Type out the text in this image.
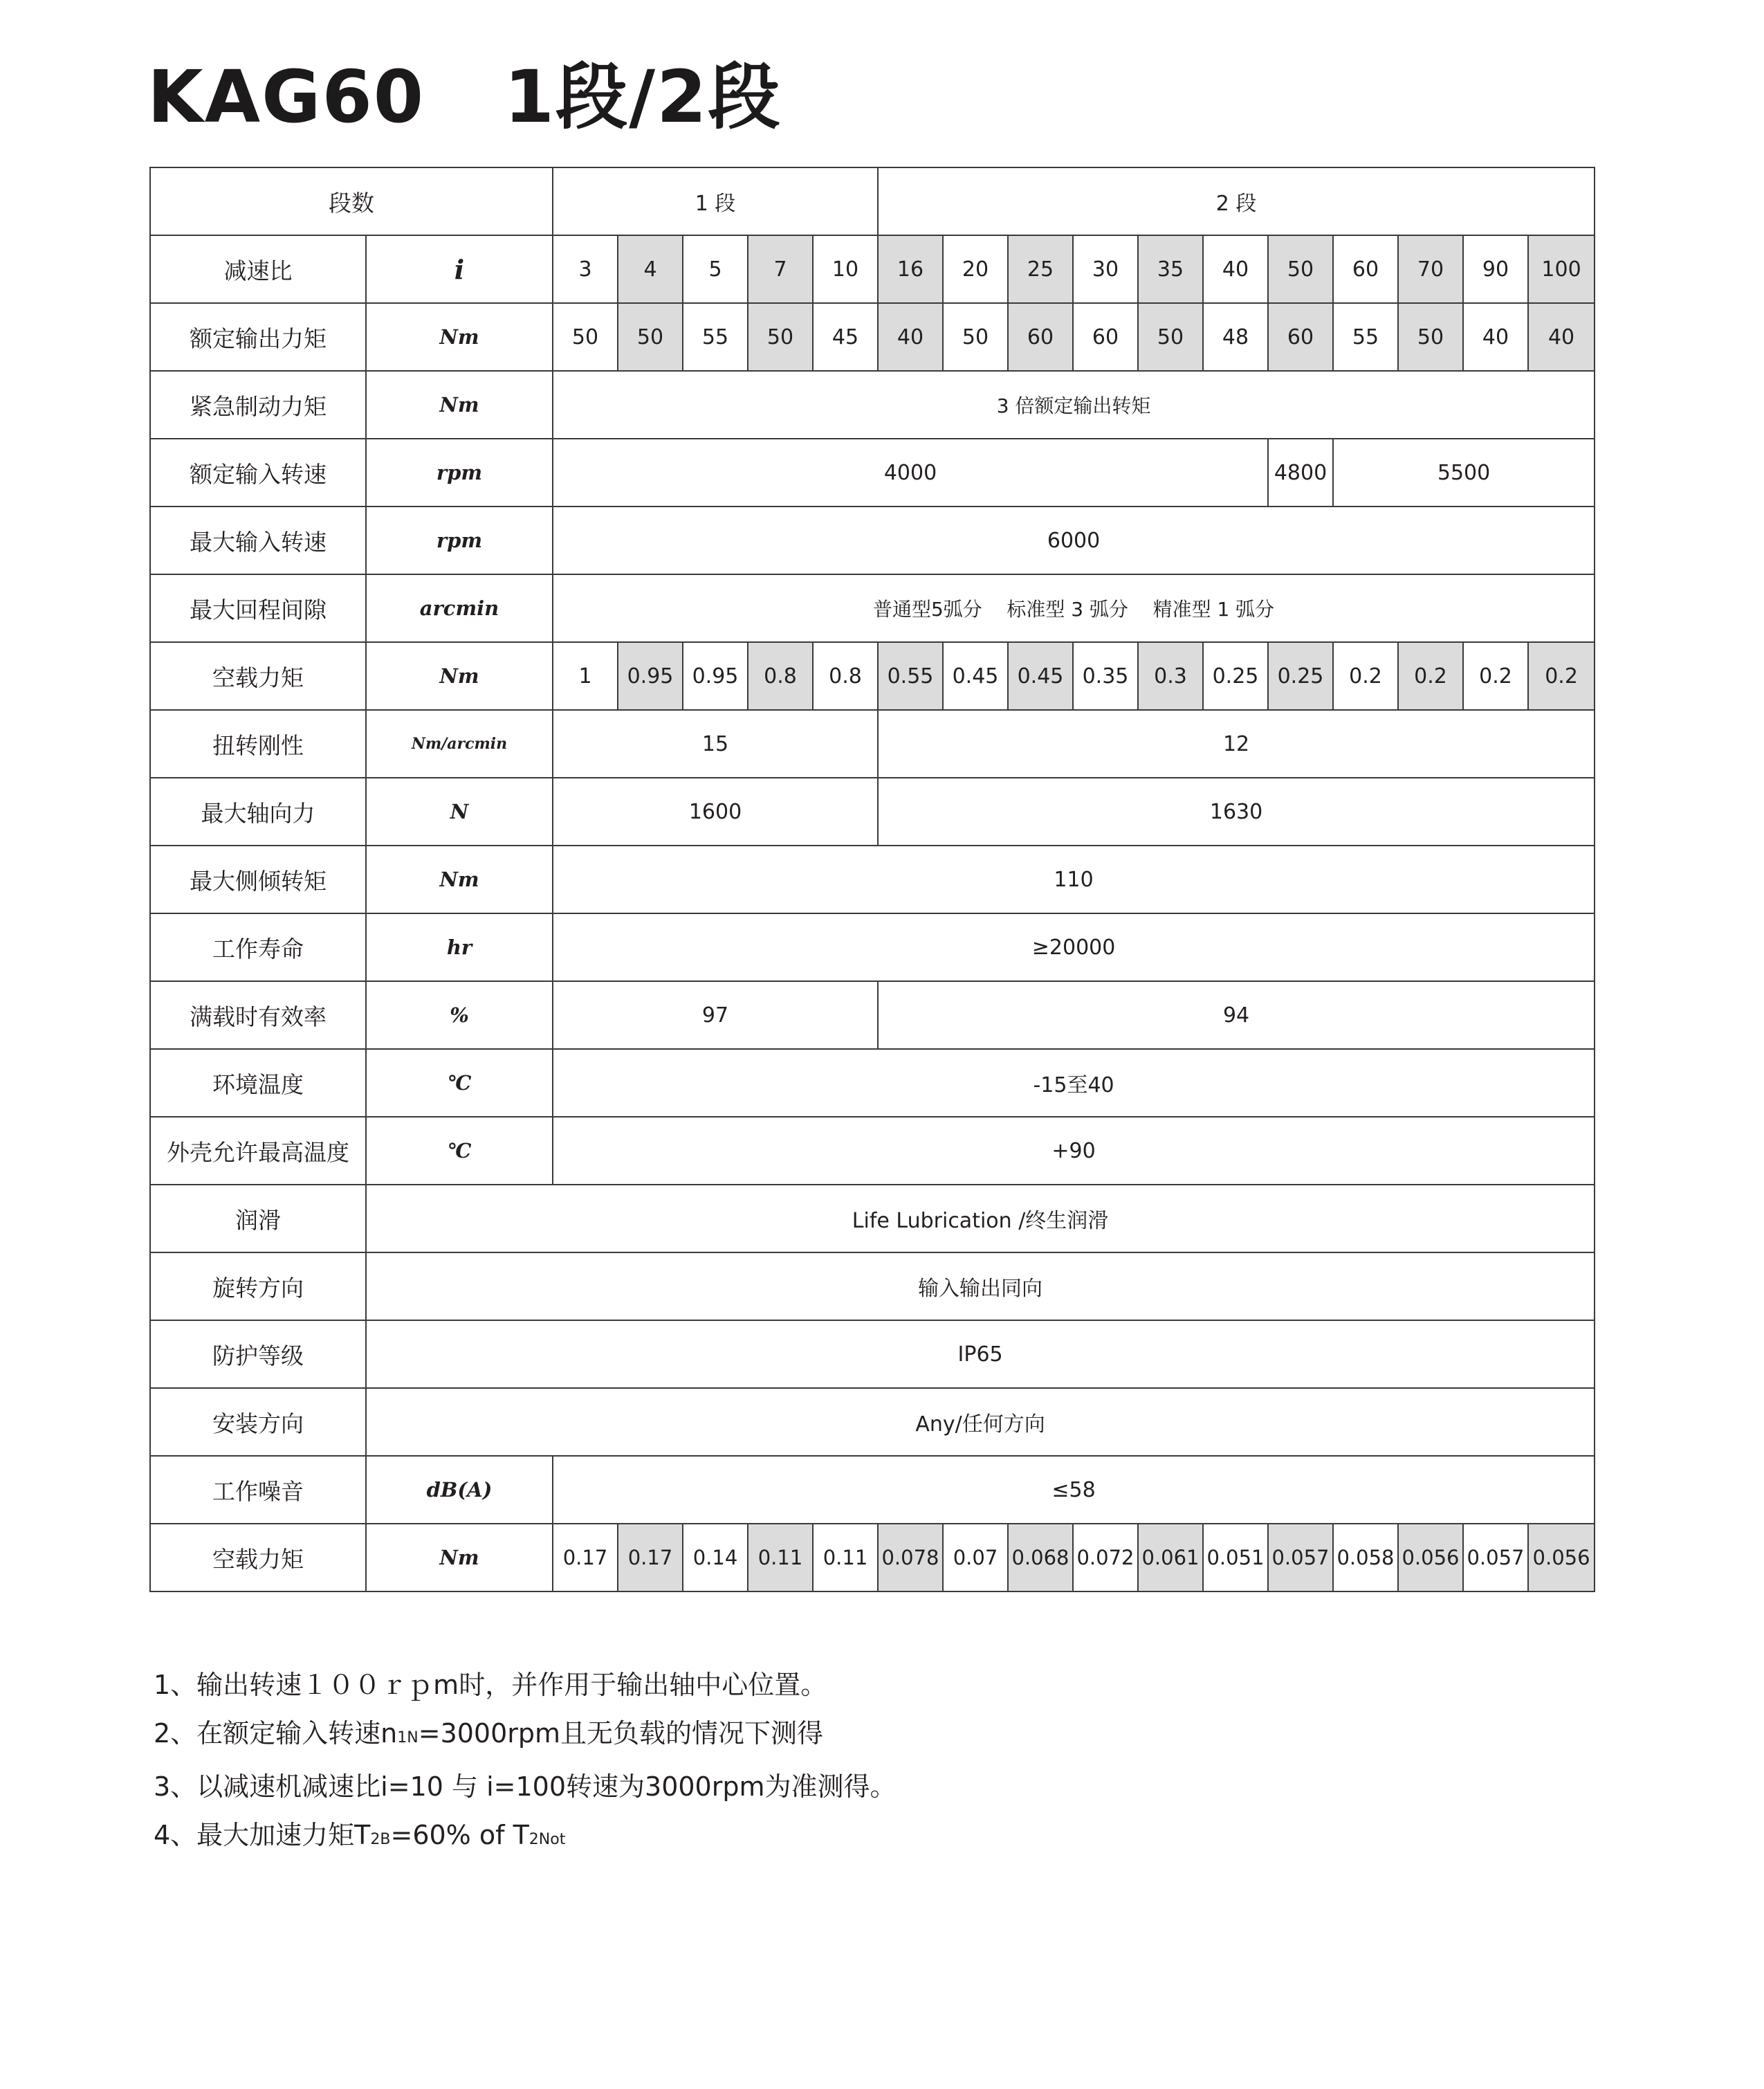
KAG60   1段/2段
段数		1 段					2 段										
减速比	i	3	4	5	7	10	16	20	25	30	35	40	50	60	70	90	100
额定输出力矩	Nm	50	50	55	50	45	40	50	60	60	50	48	60	55	50	40	40
紧急制动力矩	Nm	3 倍额定输出转矩															
额定输入转速	rpm	4000											4800	5500			
最大输入转速	rpm	6000															
最大回程间隙	arcmin	普通型5弧分    标准型 3 弧分    精准型 1 弧分															
空载力矩	Nm	1	0.95	0.95	0.8	0.8	0.55	0.45	0.45	0.35	0.3	0.25	0.25	0.2	0.2	0.2	0.2
扭转刚性	Nm/arcmin	15					12										
最大轴向力	N	1600					1630										
最大侧倾转矩	Nm	110															
工作寿命	hr	≥20000															
满载时有效率	%	97					94										
环境温度	℃	-15至40															
外壳允许最高温度	℃	+90															
润滑	Life Lubrication /终生润滑																
旋转方向	输入输出同向																
防护等级	IP65																
安装方向	Any/任何方向																
工作噪音	dB(A)	≤58															
空载力矩	Nm	0.17	0.17	0.14	0.11	0.11	0.078	0.07	0.068	0.072	0.061	0.051	0.057	0.058	0.056	0.057	0.056
1、输出转速１００ｒｐm时，并作用于输出轴中心位置。
2、在额定输入转速n1N=3000rpm且无负载的情况下测得
3、以减速机减速比i=10 与 i=100转速为3000rpm为准测得。
4、最大加速力矩T2B=60% of T2Not
